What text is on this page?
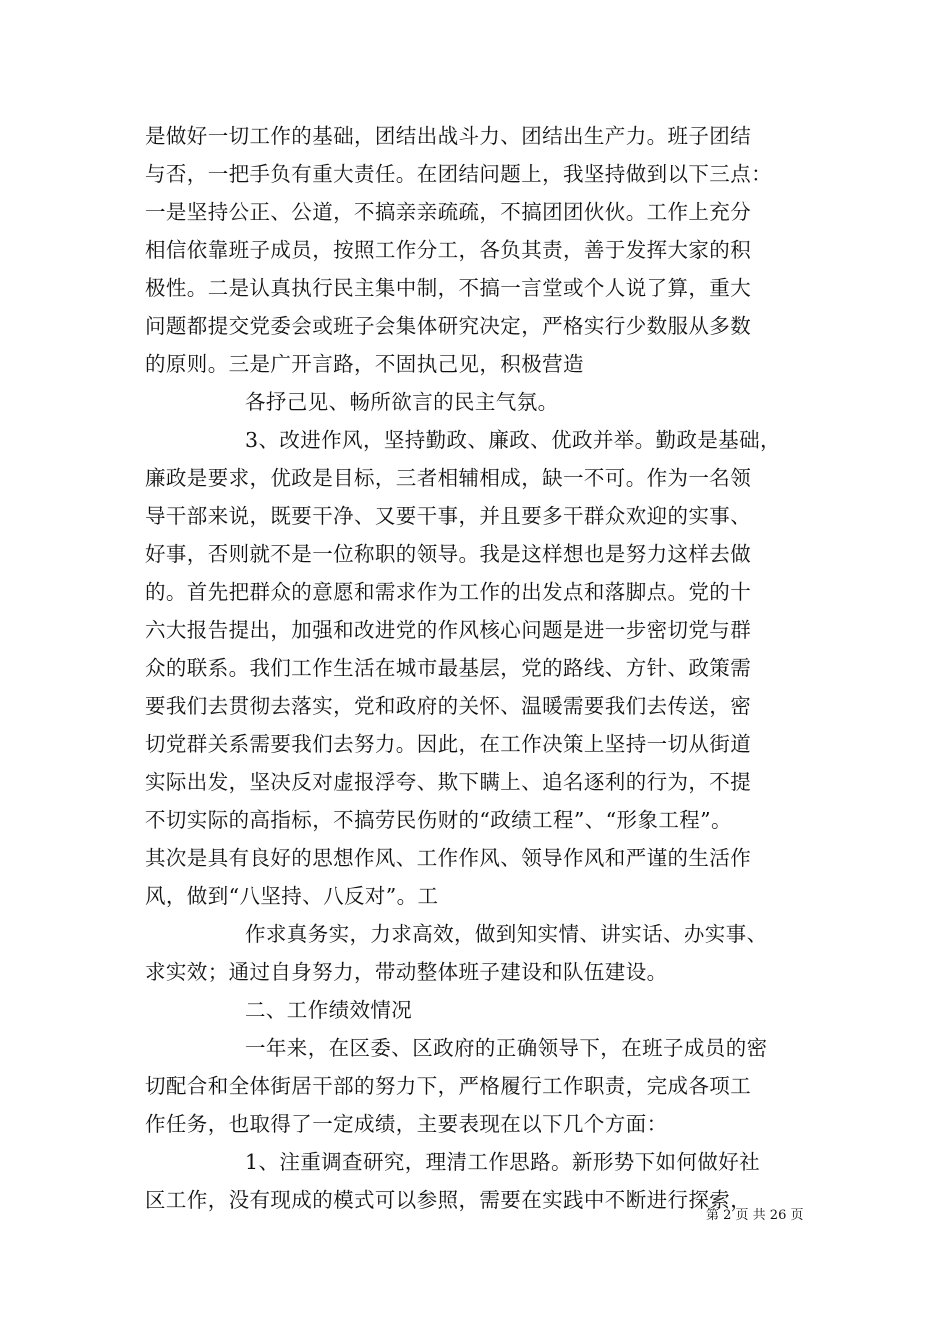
是做好一切工作的基础，团结出战斗力、团结出生产力。班子团结
与否，一把手负有重大责任。在团结问题上，我坚持做到以下三点：
一是坚持公正、公道，不搞亲亲疏疏，不搞团团伙伙。工作上充分
相信依靠班子成员，按照工作分工，各负其责，善于发挥大家的积
极性。二是认真执行民主集中制，不搞一言堂或个人说了算，重大
问题都提交党委会或班子会集体研究决定，严格实行少数服从多数
的原则。三是广开言路，不固执己见，积极营造
各抒己见、畅所欲言的民主气氛。
3、改进作风，坚持勤政、廉政、优政并举。勤政是基础，
廉政是要求，优政是目标，三者相辅相成，缺一不可。作为一名领
导干部来说，既要干净、又要干事，并且要多干群众欢迎的实事、
好事，否则就不是一位称职的领导。我是这样想也是努力这样去做
的。首先把群众的意愿和需求作为工作的出发点和落脚点。党的十
六大报告提出，加强和改进党的作风核心问题是进一步密切党与群
众的联系。我们工作生活在城市最基层，党的路线、方针、政策需
要我们去贯彻去落实，党和政府的关怀、温暖需要我们去传送，密
切党群关系需要我们去努力。因此，在工作决策上坚持一切从街道
实际出发，坚决反对虚报浮夸、欺下瞒上、追名逐利的行为，不提
不切实际的高指标，不搞劳民伤财的“政绩工程”、“形象工程”。
其次是具有良好的思想作风、工作作风、领导作风和严谨的生活作
风，做到“八坚持、八反对”。工
作求真务实，力求高效，做到知实情、讲实话、办实事、
求实效；通过自身努力，带动整体班子建设和队伍建设。
二、工作绩效情况
一年来，在区委、区政府的正确领导下，在班子成员的密
切配合和全体街居干部的努力下，严格履行工作职责，完成各项工
作任务，也取得了一定成绩，主要表现在以下几个方面：
1、注重调查研究，理清工作思路。新形势下如何做好社
区工作，没有现成的模式可以参照，需要在实践中不断进行探索，
第 2 页 共 26 页
